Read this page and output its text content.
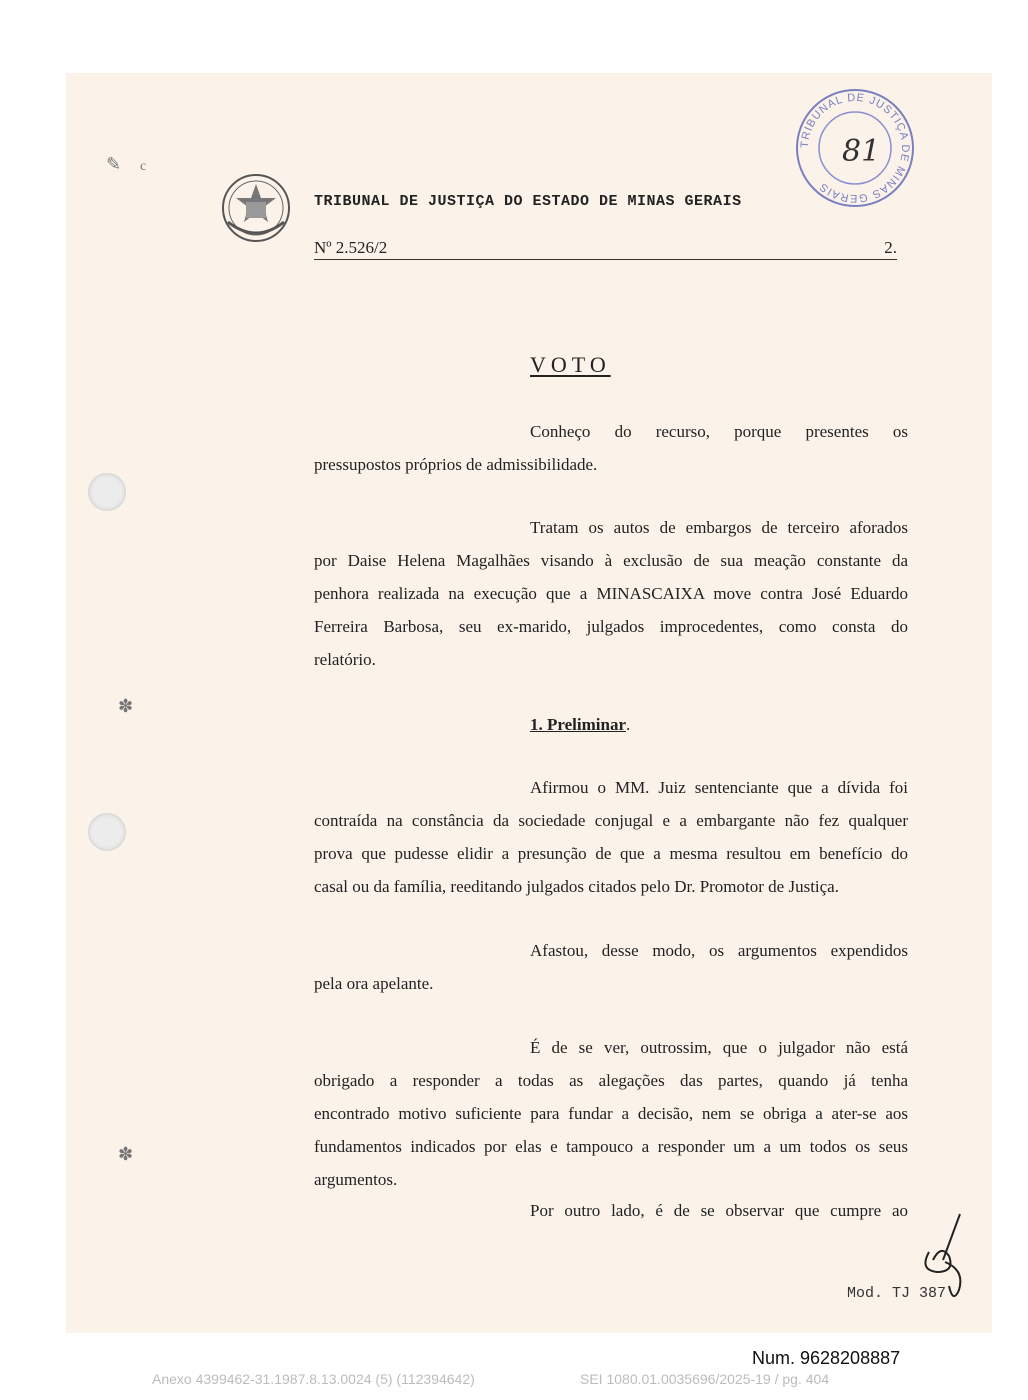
✎ c
✽
✽
TRIBUNAL DE JUSTIÇA DE MINAS GERAIS
81
TRIBUNAL DE JUSTIÇA DO ESTADO DE MINAS GERAIS
Nº 2.526/2	2.
VOTO
Conheço do recurso, porque presentes os
pressupostos próprios de admissibilidade.
Tratam os autos de embargos de terceiro aforados
por Daise Helena Magalhães visando à exclusão de sua meação constante da
penhora realizada na execução que a MINASCAIXA move contra José Eduardo
Ferreira Barbosa, seu ex-marido, julgados improcedentes, como consta do
relatório.
1. Preliminar.
Afirmou o MM. Juiz sentenciante que a dívida foi
contraída na constância da sociedade conjugal e a embargante não fez qualquer
prova que pudesse elidir a presunção de que a mesma resultou em benefício do
casal ou da família, reeditando julgados citados pelo Dr. Promotor de Justiça.
Afastou, desse modo, os argumentos expendidos
pela ora apelante.
É de se ver, outrossim, que o julgador não está
obrigado a responder a todas as alegações das partes, quando já tenha
encontrado motivo suficiente para fundar a decisão, nem se obriga a ater-se aos
fundamentos indicados por elas e tampouco a responder um a um todos os seus
argumentos.
Por outro lado, é de se observar que cumpre ao
Mod. TJ 387
Num. 9628208887
Anexo 4399462-31.1987.8.13.0024 (5) (112394642)	SEI 1080.01.0035696/2025-19 / pg. 404
